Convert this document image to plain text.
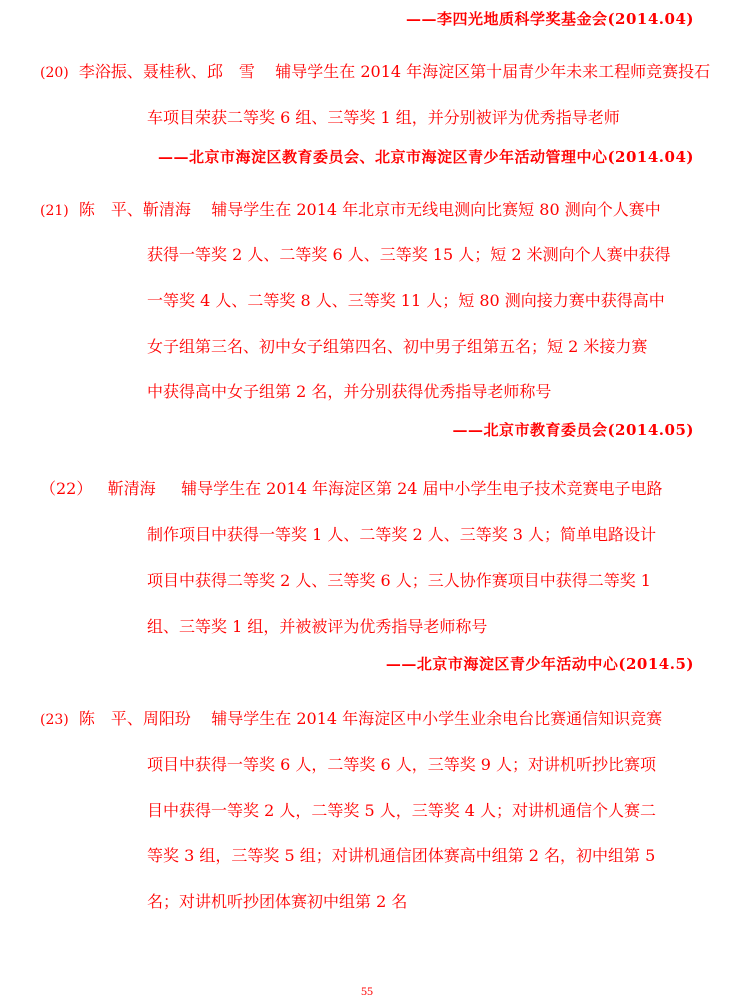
——李四光地质科学奖基金会(2014.04)
(20) 李浴振、聂桂秋、邱　雪 辅导学生在 2014 年海淀区第十届青少年未来工程师竞赛投石
车项目荣获二等奖 6 组、三等奖 1 组，并分别被评为优秀指导老师
——北京市海淀区教育委员会、北京市海淀区青少年活动管理中心(2014.04)
(21) 陈　平、靳清海 辅导学生在 2014 年北京市无线电测向比赛短 80 测向个人赛中
获得一等奖 2 人、二等奖 6 人、三等奖 15 人；短 2 米测向个人赛中获得
一等奖 4 人、二等奖 8 人、三等奖 11 人；短 80 测向接力赛中获得高中
女子组第三名、初中女子组第四名、初中男子组第五名；短 2 米接力赛
中获得高中女子组第 2 名，并分别获得优秀指导老师称号
——北京市教育委员会(2014.05)
（22） 靳清海 辅导学生在 2014 年海淀区第 24 届中小学生电子技术竞赛电子电路
制作项目中获得一等奖 1 人、二等奖 2 人、三等奖 3 人；简单电路设计
项目中获得二等奖 2 人、三等奖 6 人；三人协作赛项目中获得二等奖 1
组、三等奖 1 组，并被被评为优秀指导老师称号
——北京市海淀区青少年活动中心(2014.5)
(23) 陈　平、周阳玢 辅导学生在 2014 年海淀区中小学生业余电台比赛通信知识竞赛
项目中获得一等奖 6 人，二等奖 6 人，三等奖 9 人；对讲机听抄比赛项
目中获得一等奖 2 人，二等奖 5 人，三等奖 4 人；对讲机通信个人赛二
等奖 3 组，三等奖 5 组；对讲机通信团体赛高中组第 2 名，初中组第 5
名；对讲机听抄团体赛初中组第 2 名
55
